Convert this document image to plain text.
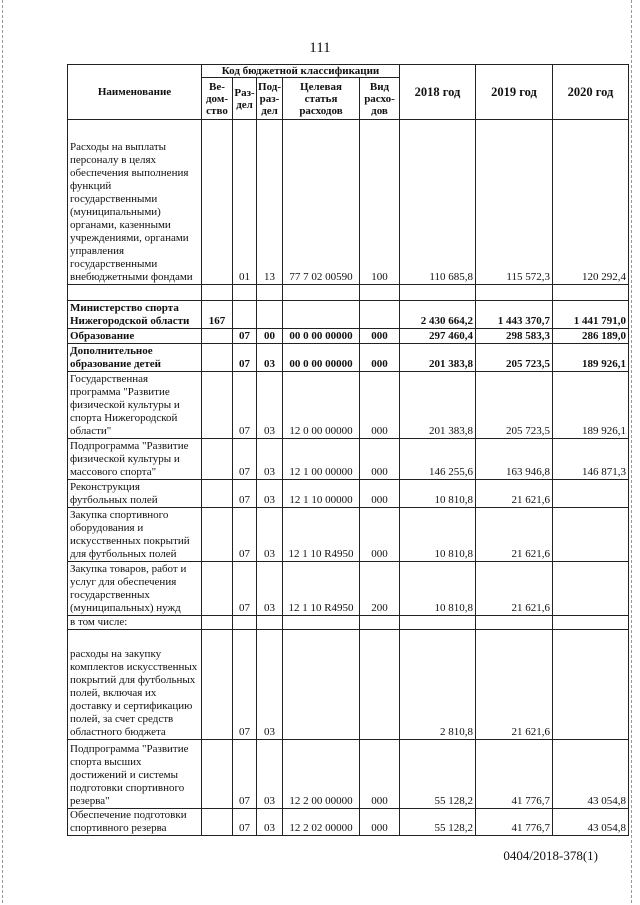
111
Наименование	Код бюджетной классификации					2018 год	2019 год	2020 год
	Ве-дом-ство	Раз-дел	Под-раз-дел	Целевая статья расходов	Вид расхо-дов			
Расходы на выплаты персоналу в целях обеспечения выполнения функций государственными (муниципальными) органами, казенными учреждениями, органами управления государственными внебюджетными фондами		01	13	77 7 02 00590	100	110 685,8	115 572,3	120 292,4

Министерство спорта Нижегородской области	167					2 430 664,2	1 443 370,7	1 441 791,0
Образование		07	00	00 0 00 00000	000	297 460,4	298 583,3	286 189,0
Дополнительное образование детей		07	03	00 0 00 00000	000	201 383,8	205 723,5	189 926,1
Государственная программа "Развитие физической культуры и спорта Нижегородской области"		07	03	12 0 00 00000	000	201 383,8	205 723,5	189 926,1
Подпрограмма "Развитие физической культуры и массового спорта"		07	03	12 1 00 00000	000	146 255,6	163 946,8	146 871,3
Реконструкция футбольных полей		07	03	12 1 10 00000	000	10 810,8	21 621,6	
Закупка спортивного оборудования и искусственных покрытий для футбольных полей		07	03	12 1 10 R4950	000	10 810,8	21 621,6	
Закупка товаров, работ и услуг для обеспечения государственных (муниципальных) нужд		07	03	12 1 10 R4950	200	10 810,8	21 621,6	
в том числе:								
расходы на закупку комплектов искусственных покрытий для футбольных полей, включая их доставку и сертификацию полей, за счет средств областного бюджета		07	03			2 810,8	21 621,6	
Подпрограмма "Развитие спорта высших достижений и системы подготовки спортивного резерва"		07	03	12 2 00 00000	000	55 128,2	41 776,7	43 054,8
Обеспечение подготовки спортивного резерва		07	03	12 2 02 00000	000	55 128,2	41 776,7	43 054,8
0404/2018-378(1)
